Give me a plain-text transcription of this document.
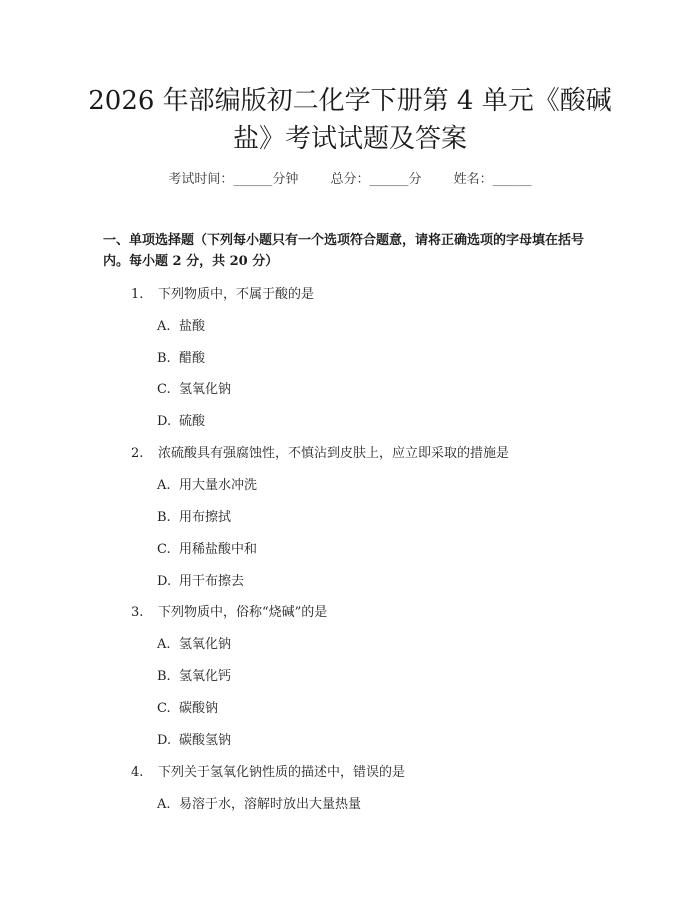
2026 年部编版初二化学下册第 4 单元《酸碱
盐》考试试题及答案
考试时间：______分钟 总分：______分 姓名：______
一、单项选择题（下列每小题只有一个选项符合题意，请将正确选项的字母填在括号内。每小题 2 分，共 20 分）
1. 下列物质中，不属于酸的是
A. 盐酸
B. 醋酸
C. 氢氧化钠
D. 硫酸
2. 浓硫酸具有强腐蚀性，不慎沾到皮肤上，应立即采取的措施是
A. 用大量水冲洗
B. 用布擦拭
C. 用稀盐酸中和
D. 用干布擦去
3. 下列物质中，俗称“烧碱”的是
A. 氢氧化钠
B. 氢氧化钙
C. 碳酸钠
D. 碳酸氢钠
4. 下列关于氢氧化钠性质的描述中，错误的是
A. 易溶于水，溶解时放出大量热量
